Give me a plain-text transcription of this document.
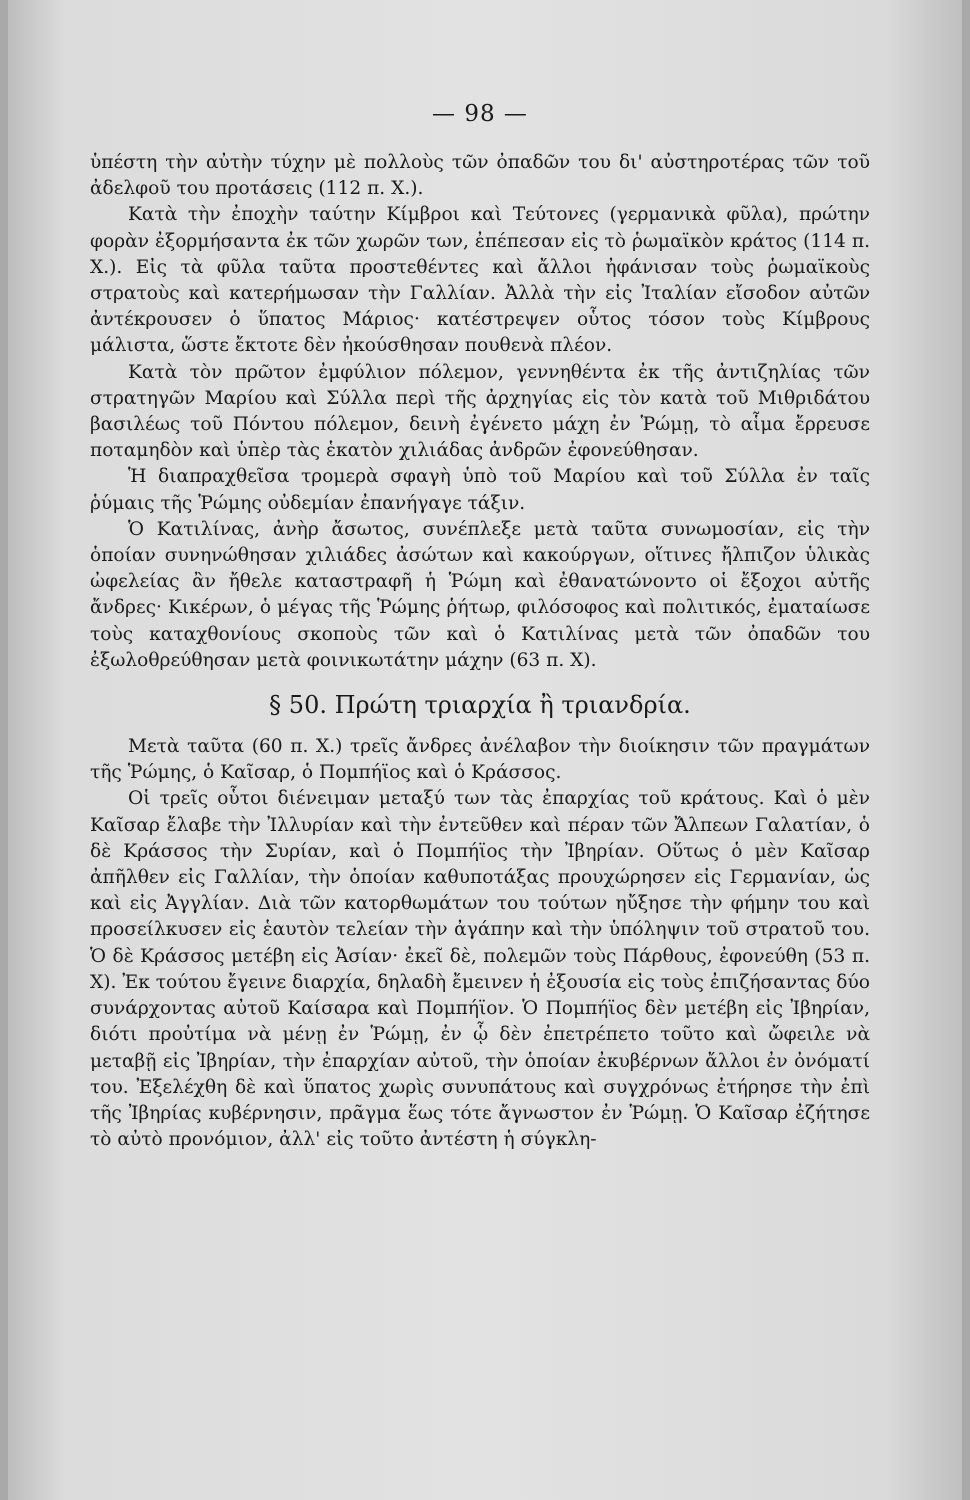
— 98 —

ὑπέστη τὴν αὐτὴν τύχην μὲ πολλοὺς τῶν ὀπαδῶν του δι' αὐστηροτέρας τῶν τοῦ ἀδελφοῦ του προτάσεις (112 π. Χ.).

Κατὰ τὴν ἐποχὴν ταύτην Κίμβροι καὶ Τεύτονες (γερμανικὰ φῦλα), πρώτην φορὰν ἐξορμήσαντα ἐκ τῶν χωρῶν των, ἐπέπεσαν εἰς τὸ ῥωμαϊκὸν κράτος (114 π. Χ.). Εἰς τὰ φῦλα ταῦτα προστεθέντες καὶ ἄλλοι ἠφάνισαν τοὺς ῥωμαϊκοὺς στρατοὺς καὶ κατερήμωσαν τὴν Γαλλίαν. Ἀλλὰ τὴν εἰς Ἰταλίαν εἴσοδον αὐτῶν ἀντέκρουσεν ὁ ὕπατος Μάριος· κατέστρεψεν οὗτος τόσον τοὺς Κίμβρους μάλιστα, ὥστε ἔκτοτε δὲν ἠκούσθησαν πουθενὰ πλέον.

Κατὰ τὸν πρῶτον ἐμφύλιον πόλεμον, γεννηθέντα ἐκ τῆς ἀντιζηλίας τῶν στρατηγῶν Μαρίου καὶ Σύλλα περὶ τῆς ἀρχηγίας εἰς τὸν κατὰ τοῦ Μιθριδάτου βασιλέως τοῦ Πόντου πόλεμον, δεινὴ ἐγένετο μάχη ἐν Ῥώμῃ, τὸ αἷμα ἔρρευσε ποταμηδὸν καὶ ὑπὲρ τὰς ἑκατὸν χιλιάδας ἀνδρῶν ἐφονεύθησαν.

Ἡ διαπραχθεῖσα τρομερὰ σφαγὴ ὑπὸ τοῦ Μαρίου καὶ τοῦ Σύλλα ἐν ταῖς ῥύμαις τῆς Ῥώμης οὐδεμίαν ἐπανήγαγε τάξιν.

Ὁ Κατιλίνας, ἀνὴρ ἄσωτος, συνέπλεξε μετὰ ταῦτα συνωμοσίαν, εἰς τὴν ὁποίαν συνηνώθησαν χιλιάδες ἀσώτων καὶ κακούργων, οἵτινες ἤλπιζον ὑλικὰς ὠφελείας ἂν ἤθελε καταστραφῆ ἡ Ῥώμη καὶ ἐθανατώνοντο οἱ ἔξοχοι αὐτῆς ἄνδρες· Κικέρων, ὁ μέγας τῆς Ῥώμης ῥήτωρ, φιλόσοφος καὶ πολιτικός, ἐματαίωσε τοὺς καταχθονίους σκοποὺς τῶν καὶ ὁ Κατιλίνας μετὰ τῶν ὀπαδῶν του ἐξωλοθρεύθησαν μετὰ φοινικωτάτην μάχην (63 π. Χ).

§ 50. Πρώτη τριαρχία ἢ τριανδρία.

Μετὰ ταῦτα (60 π. Χ.) τρεῖς ἄνδρες ἀνέλαβον τὴν διοίκησιν τῶν πραγμάτων τῆς Ῥώμης, ὁ Καῖσαρ, ὁ Πομπήϊος καὶ ὁ Κράσσος.

Οἱ τρεῖς οὗτοι διένειμαν μεταξύ των τὰς ἐπαρχίας τοῦ κράτους. Καὶ ὁ μὲν Καῖσαρ ἔλαβε τὴν Ἰλλυρίαν καὶ τὴν ἐντεῦθεν καὶ πέραν τῶν Ἄλπεων Γαλατίαν, ὁ δὲ Κράσσος τὴν Συρίαν, καὶ ὁ Πομπήϊος τὴν Ἰβηρίαν. Οὕτως ὁ μὲν Καῖσαρ ἀπῆλθεν εἰς Γαλλίαν, τὴν ὁποίαν καθυποτάξας προυχώρησεν εἰς Γερμανίαν, ὡς καὶ εἰς Ἀγγλίαν. Διὰ τῶν κατορθωμάτων του τούτων ηὔξησε τὴν φήμην του καὶ προσείλκυσεν εἰς ἑαυτὸν τελείαν τὴν ἀγάπην καὶ τὴν ὑπόληψιν τοῦ στρατοῦ του. Ὁ δὲ Κράσσος μετέβη εἰς Ἀσίαν· ἐκεῖ δὲ, πολεμῶν τοὺς Πάρθους, ἐφονεύθη (53 π. Χ). Ἐκ τούτου ἔγεινε διαρχία, δηλαδὴ ἔμεινεν ἡ ἐξουσία εἰς τοὺς ἐπιζήσαντας δύο συνάρχοντας αὐτοῦ Καίσαρα καὶ Πομπήϊον. Ὁ Πομπήϊος δὲν μετέβη εἰς Ἰβηρίαν, διότι προὐτίμα νὰ μένῃ ἐν Ῥώμῃ, ἐν ᾧ δὲν ἐπετρέπετο τοῦτο καὶ ὤφειλε νὰ μεταβῇ εἰς Ἰβηρίαν, τὴν ἐπαρχίαν αὐτοῦ, τὴν ὁποίαν ἐκυβέρνων ἄλλοι ἐν ὀνόματί του. Ἐξελέχθη δὲ καὶ ὕπατος χωρὶς συνυπάτους καὶ συγχρόνως ἐτήρησε τὴν ἐπὶ τῆς Ἰβηρίας κυβέρνησιν, πρᾶγμα ἕως τότε ἄγνωστον ἐν Ῥώμῃ. Ὁ Καῖσαρ ἐζήτησε τὸ αὐτὸ προνόμιον, ἀλλ' εἰς τοῦτο ἀντέστη ἡ σύγκλη-
